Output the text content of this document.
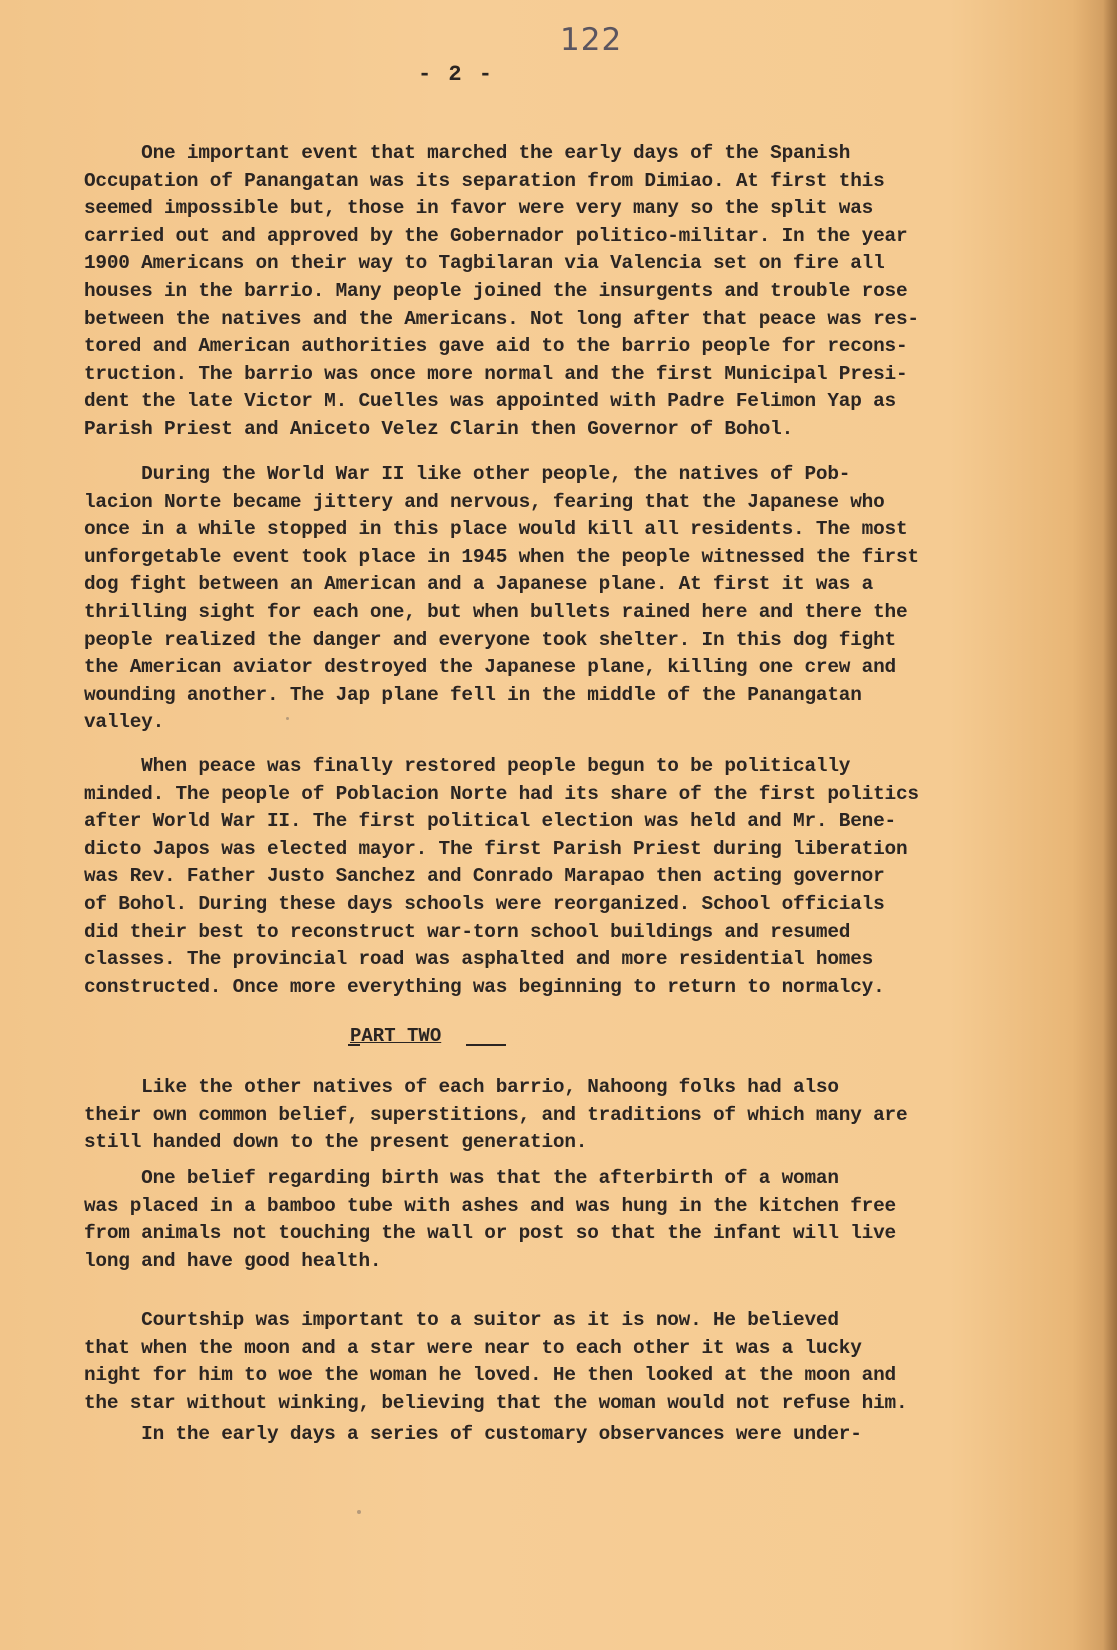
122
- 2 -
One important event that marched the early days of the Spanish
Occupation of Panangatan was its separation from Dimiao. At first this
seemed impossible but, those in favor were very many so the split was
carried out and approved by the Gobernador politico-militar. In the year
1900 Americans on their way to Tagbilaran via Valencia set on fire all
houses in the barrio. Many people joined the insurgents and trouble rose
between the natives and the Americans. Not long after that peace was res-
tored and American authorities gave aid to the barrio people for recons-
truction. The barrio was once more normal and the first Municipal Presi-
dent the late Victor M. Cuelles was appointed with Padre Felimon Yap as
Parish Priest and Aniceto Velez Clarin then Governor of Bohol.
During the World War II like other people, the natives of Pob-
lacion Norte became jittery and nervous, fearing that the Japanese who
once in a while stopped in this place would kill all residents. The most
unforgetable event took place in 1945 when the people witnessed the first
dog fight between an American and a Japanese plane. At first it was a
thrilling sight for each one, but when bullets rained here and there the
people realized the danger and everyone took shelter. In this dog fight
the American aviator destroyed the Japanese plane, killing one crew and
wounding another. The Jap plane fell in the middle of the Panangatan
valley.
When peace was finally restored people begun to be politically
minded. The people of Poblacion Norte had its share of the first politics
after World War II. The first political election was held and Mr. Bene-
dicto Japos was elected mayor. The first Parish Priest during liberation
was Rev. Father Justo Sanchez and Conrado Marapao then acting governor
of Bohol. During these days schools were reorganized. School officials
did their best to reconstruct war-torn school buildings and resumed
classes. The provincial road was asphalted and more residential homes
constructed. Once more everything was beginning to return to normalcy.
PART TWO
Like the other natives of each barrio, Nahoong folks had also
their own common belief, superstitions, and traditions of which many are
still handed down to the present generation.
One belief regarding birth was that the afterbirth of a woman
was placed in a bamboo tube with ashes and was hung in the kitchen free
from animals not touching the wall or post so that the infant will live
long and have good health.
Courtship was important to a suitor as it is now. He believed
that when the moon and a star were near to each other it was a lucky
night for him to woe the woman he loved. He then looked at the moon and
the star without winking, believing that the woman would not refuse him.
In the early days a series of customary observances were under-
